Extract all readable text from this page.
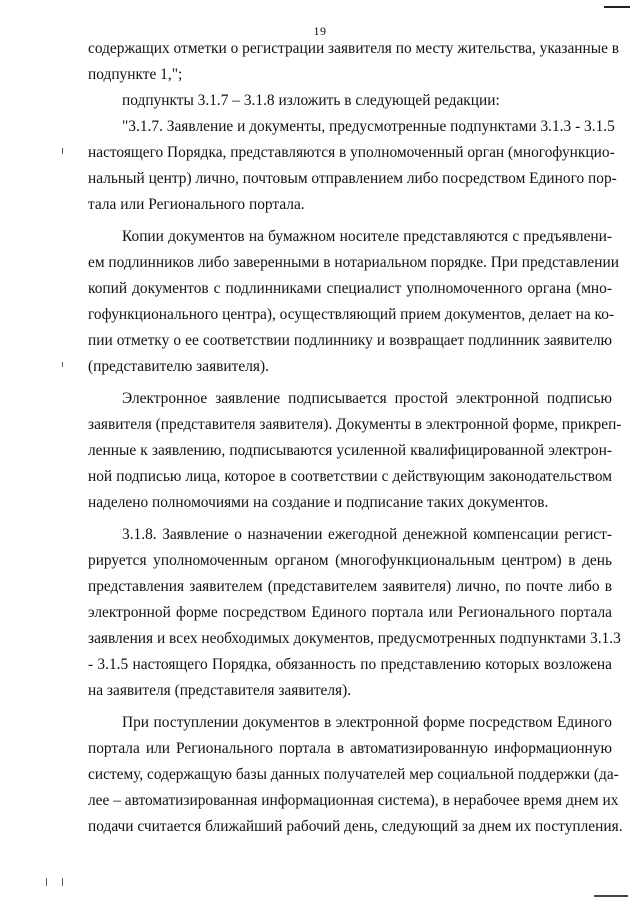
19
содержащих отметки о регистрации заявителя по месту жительства, указанные в
подпункте 1,";
подпункты 3.1.7 – 3.1.8 изложить в следующей редакции:
"3.1.7. Заявление и документы, предусмотренные подпунктами 3.1.3 - 3.1.5
настоящего Порядка, представляются в уполномоченный орган (многофункцио-
нальный центр) лично, почтовым отправлением либо посредством Единого пор-
тала или Регионального портала.
Копии документов на бумажном носителе представляются с предъявлени-
ем подлинников либо заверенными в нотариальном порядке. При представлении
копий документов с подлинниками специалист уполномоченного органа (мно-
гофункционального центра), осуществляющий прием документов, делает на ко-
пии отметку о ее соответствии подлиннику и возвращает подлинник заявителю
(представителю заявителя).
Электронное заявление подписывается простой электронной подписью
заявителя (представителя заявителя). Документы в электронной форме, прикреп-
ленные к заявлению, подписываются усиленной квалифицированной электрон-
ной подписью лица, которое в соответствии с действующим законодательством
наделено полномочиями на создание и подписание таких документов.
3.1.8. Заявление о назначении ежегодной денежной компенсации регист-
рируется уполномоченным органом (многофункциональным центром) в день
представления заявителем (представителем заявителя) лично, по почте либо в
электронной форме посредством Единого портала или Регионального портала
заявления и всех необходимых документов, предусмотренных подпунктами 3.1.3
- 3.1.5 настоящего Порядка, обязанность по представлению которых возложена
на заявителя (представителя заявителя).
При поступлении документов в электронной форме посредством Единого
портала или Регионального портала в автоматизированную информационную
систему, содержащую базы данных получателей мер социальной поддержки (да-
лее – автоматизированная информационная система), в нерабочее время днем их
подачи считается ближайший рабочий день, следующий за днем их поступления.
